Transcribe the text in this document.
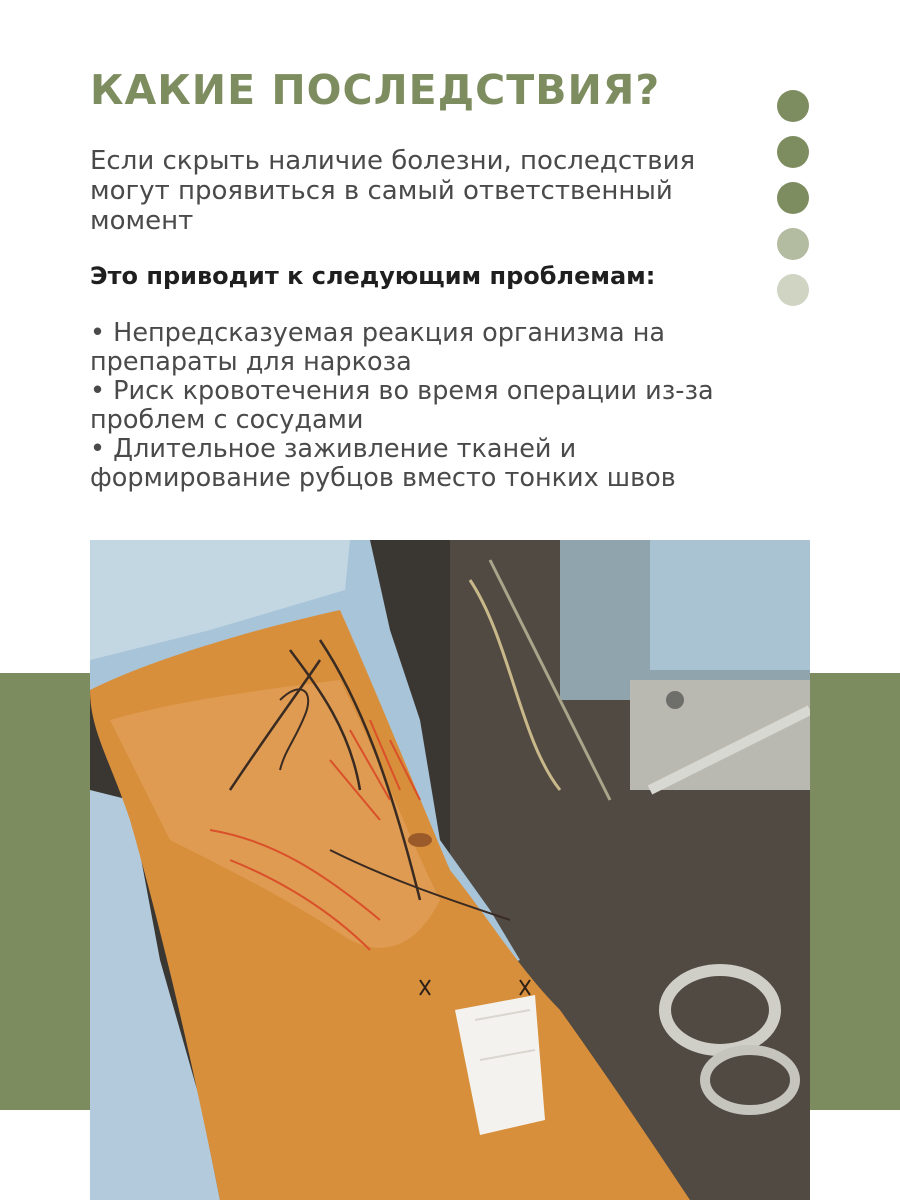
КАКИЕ ПОСЛЕДСТВИЯ?

Если скрыть наличие болезни, последствия могут проявиться в самый ответственный момент

Это приводит к следующим проблемам:
• Непредсказуемая реакция организма на препараты для наркоза
• Риск кровотечения во время операции из-за проблем с сосудами
• Длительное заживление тканей и формирование рубцов вместо тонких швов
